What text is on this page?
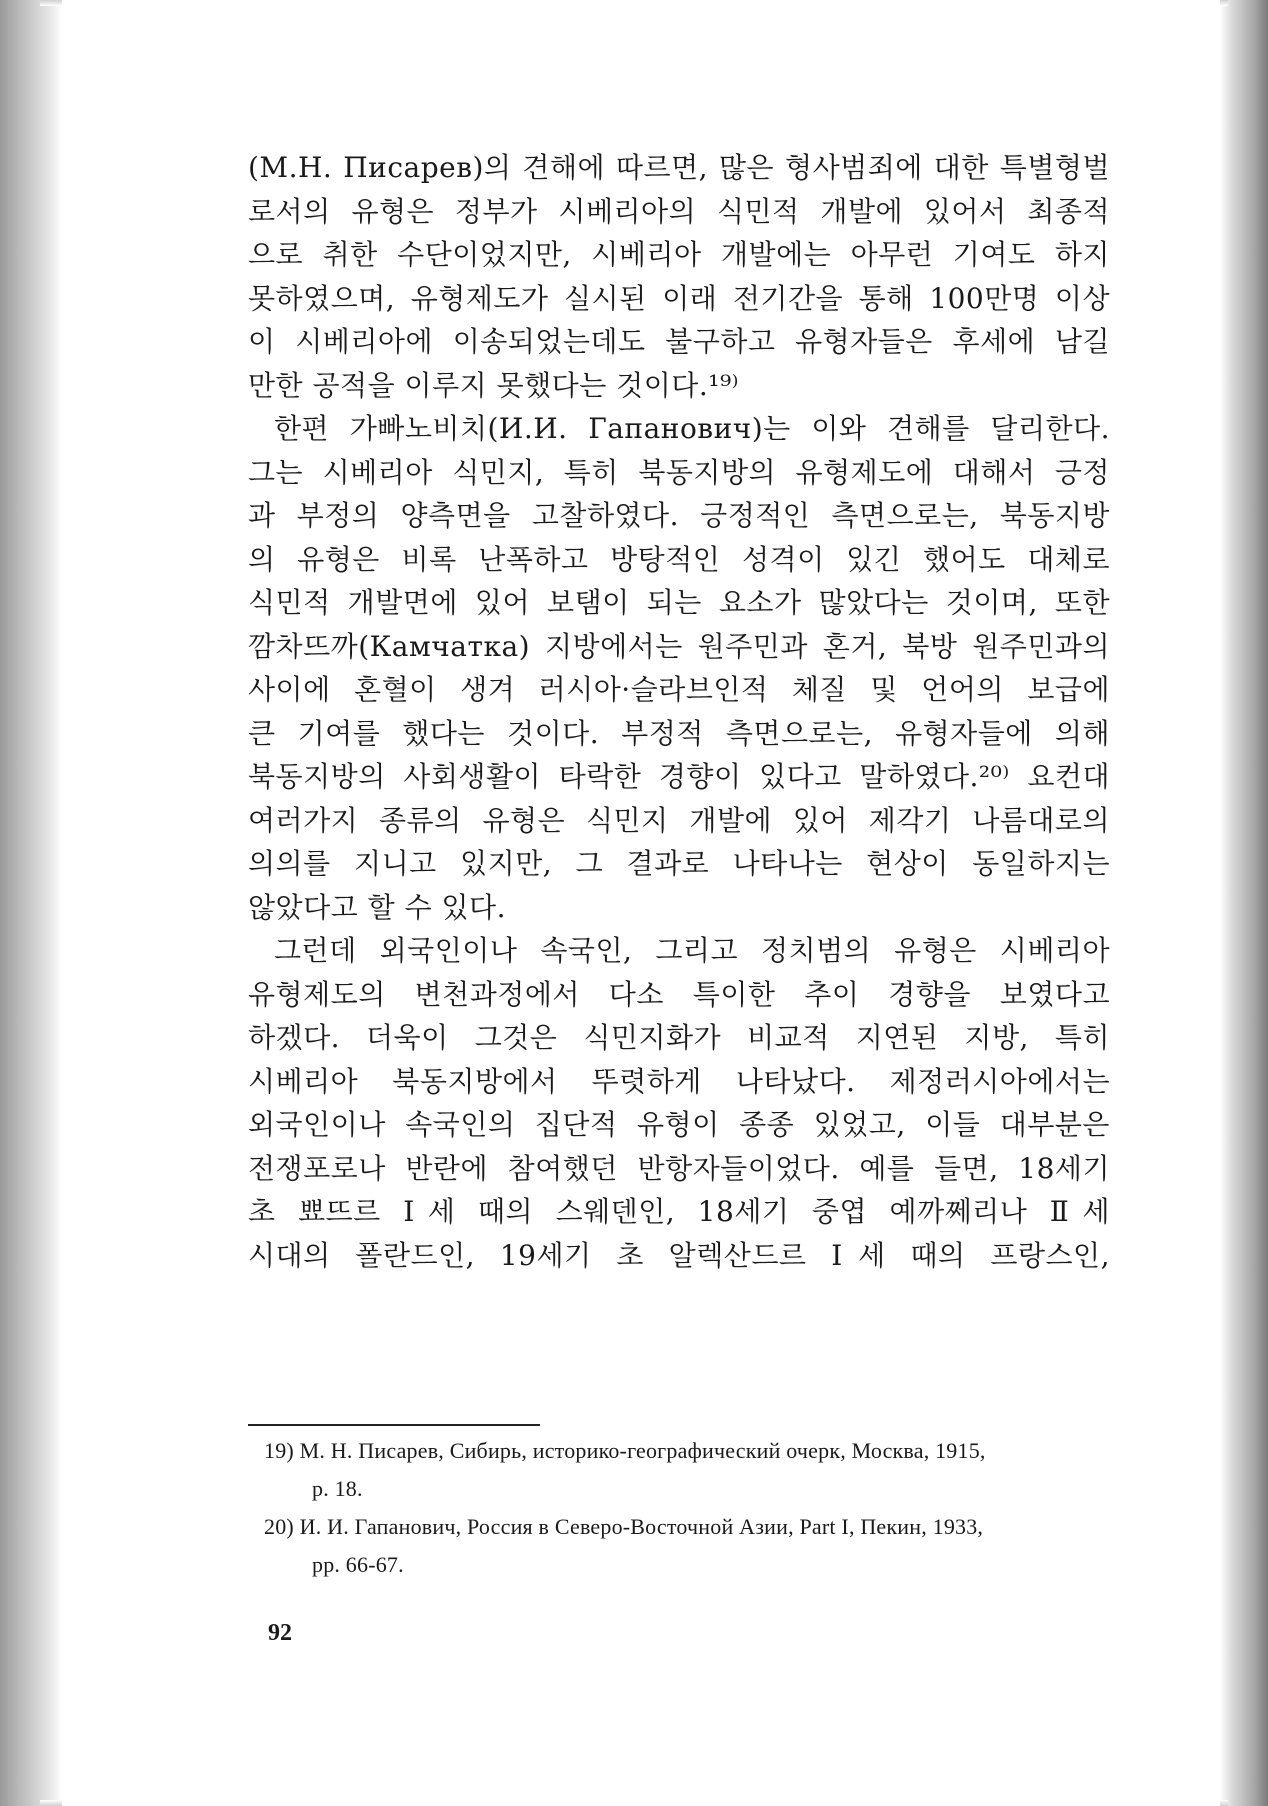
(М.Н. Писарев)의 견해에 따르면, 많은 형사범죄에 대한 특별형벌
로서의 유형은 정부가 시베리아의 식민적 개발에 있어서 최종적
으로 취한 수단이었지만, 시베리아 개발에는 아무런 기여도 하지
못하였으며, 유형제도가 실시된 이래 전기간을 통해 100만명 이상
이 시베리아에 이송되었는데도 불구하고 유형자들은 후세에 남길
만한 공적을 이루지 못했다는 것이다.¹⁹⁾
한편 가빠노비치(И.И. Гапанович)는 이와 견해를 달리한다.
그는 시베리아 식민지, 특히 북동지방의 유형제도에 대해서 긍정
과 부정의 양측면을 고찰하였다. 긍정적인 측면으로는, 북동지방
의 유형은 비록 난폭하고 방탕적인 성격이 있긴 했어도 대체로
식민적 개발면에 있어 보탬이 되는 요소가 많았다는 것이며, 또한
깜차뜨까(Камчатка) 지방에서는 원주민과 혼거, 북방 원주민과의
사이에 혼혈이 생겨 러시아·슬라브인적 체질 및 언어의 보급에
큰 기여를 했다는 것이다. 부정적 측면으로는, 유형자들에 의해
북동지방의 사회생활이 타락한 경향이 있다고 말하였다.²⁰⁾ 요컨대
여러가지 종류의 유형은 식민지 개발에 있어 제각기 나름대로의
의의를 지니고 있지만, 그 결과로 나타나는 현상이 동일하지는
않았다고 할 수 있다.
그런데 외국인이나 속국인, 그리고 정치범의 유형은 시베리아
유형제도의 변천과정에서 다소 특이한 추이 경향을 보였다고
하겠다. 더욱이 그것은 식민지화가 비교적 지연된 지방, 특히
시베리아 북동지방에서 뚜렷하게 나타났다. 제정러시아에서는
외국인이나 속국인의 집단적 유형이 종종 있었고, 이들 대부분은
전쟁포로나 반란에 참여했던 반항자들이었다. 예를 들면, 18세기
초 뾰뜨르 Ⅰ세 때의 스웨덴인, 18세기 중엽 예까쩨리나 Ⅱ세
시대의 폴란드인, 19세기 초 알렉산드르 Ⅰ세 때의 프랑스인,
19) М. Н. Писарев, Сибирь, историко-географический очерк, Москва, 1915,
p. 18.
20) И. И. Гапанович, Россия в Северо-Восточной Азии, Part I, Пекин, 1933,
pp. 66-67.
92
